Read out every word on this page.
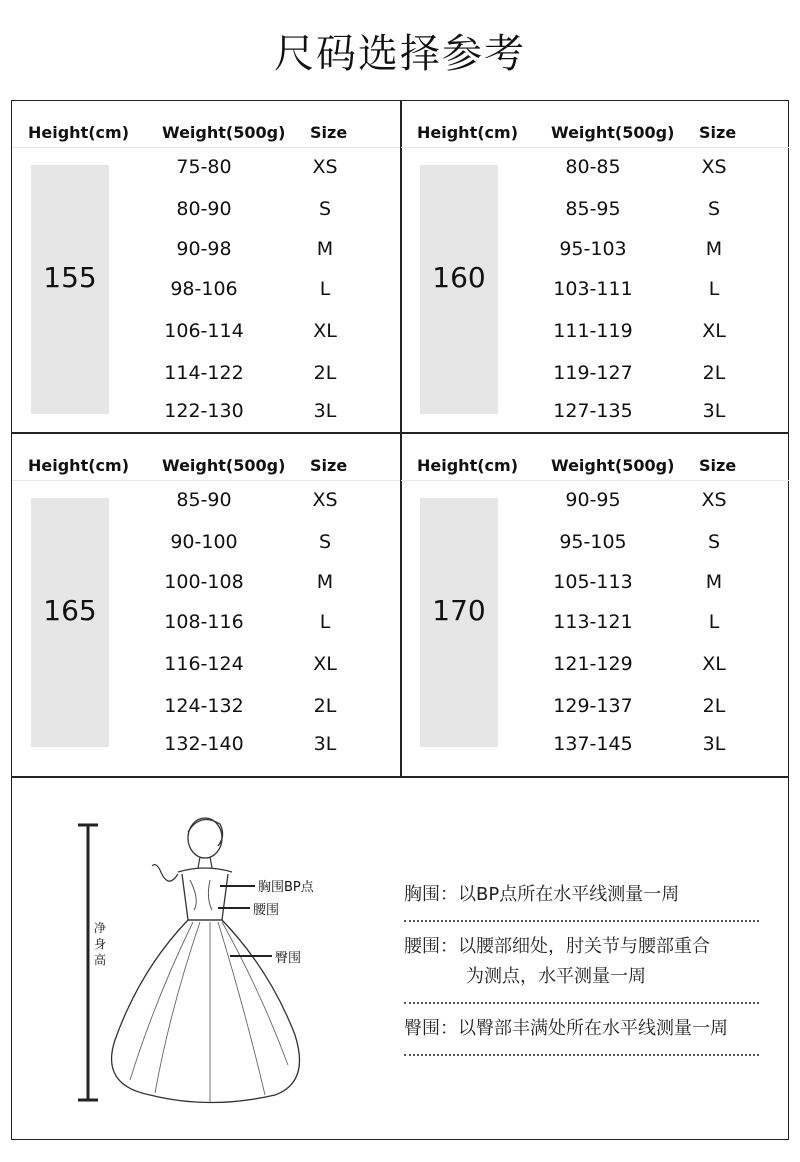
尺码选择参考
Height(cm) Weight(500g) Size
155
75-80	XS
80-90	S
90-98	M
98-106	L
106-114	XL
114-122	2L
122-130	3L
Height(cm) Weight(500g) Size
160
80-85	XS
85-95	S
95-103	M
103-111	L
111-119	XL
119-127	2L
127-135	3L
Height(cm) Weight(500g) Size
165
85-90	XS
90-100	S
100-108	M
108-116	L
116-124	XL
124-132	2L
132-140	3L
Height(cm) Weight(500g) Size
170
90-95	XS
95-105	S
105-113	M
113-121	L
121-129	XL
129-137	2L
137-145	3L
胸围BP点
腰围
臀围
净身高
胸围：以BP点所在水平线测量一周
腰围：以腰部细处，肘关节与腰部重合
为测点，水平测量一周
臀围：以臀部丰满处所在水平线测量一周
